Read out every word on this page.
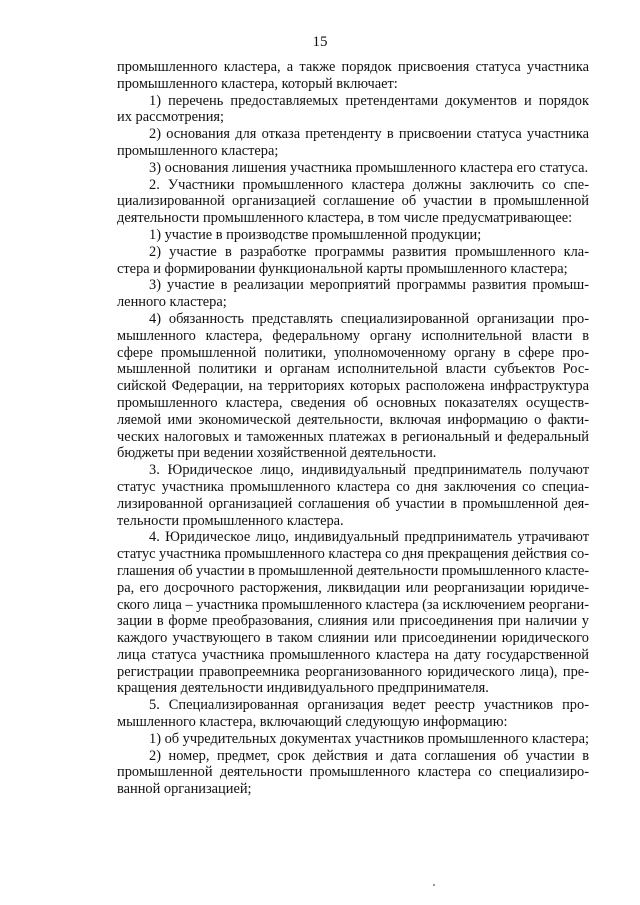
15
промышленного кластера, а также порядок присвоения статуса участника
промышленного кластера, который включает:
1) перечень предоставляемых претендентами документов и порядок
их рассмотрения;
2) основания для отказа претенденту в присвоении статуса участника
промышленного кластера;
3) основания лишения участника промышленного кластера его статуса.
2. Участники промышленного кластера должны заключить со спе-
циализированной организацией соглашение об участии в промышленной
деятельности промышленного кластера, в том числе предусматривающее:
1) участие в производстве промышленной продукции;
2) участие в разработке программы развития промышленного кла-
стера и формировании функциональной карты промышленного кластера;
3) участие в реализации мероприятий программы развития промыш-
ленного кластера;
4) обязанность представлять специализированной организации про-
мышленного кластера, федеральному органу исполнительной власти в
сфере промышленной политики, уполномоченному органу в сфере про-
мышленной политики и органам исполнительной власти субъектов Рос-
сийской Федерации, на территориях которых расположена инфраструктура
промышленного кластера, сведения об основных показателях осуществ-
ляемой ими экономической деятельности, включая информацию о факти-
ческих налоговых и таможенных платежах в региональный и федеральный
бюджеты при ведении хозяйственной деятельности.
3. Юридическое лицо, индивидуальный предприниматель получают
статус участника промышленного кластера со дня заключения со специа-
лизированной организацией соглашения об участии в промышленной дея-
тельности промышленного кластера.
4. Юридическое лицо, индивидуальный предприниматель утрачивают
статус участника промышленного кластера со дня прекращения действия со-
глашения об участии в промышленной деятельности промышленного класте-
ра, его досрочного расторжения, ликвидации или реорганизации юридиче-
ского лица – участника промышленного кластера (за исключением реоргани-
зации в форме преобразования, слияния или присоединения при наличии у
каждого участвующего в таком слиянии или присоединении юридического
лица статуса участника промышленного кластера на дату государственной
регистрации правопреемника реорганизованного юридического лица), пре-
кращения деятельности индивидуального предпринимателя.
5. Специализированная организация ведет реестр участников про-
мышленного кластера, включающий следующую информацию:
1) об учредительных документах участников промышленного кластера;
2) номер, предмет, срок действия и дата соглашения об участии в
промышленной деятельности промышленного кластера со специализиро-
ванной организацией;
